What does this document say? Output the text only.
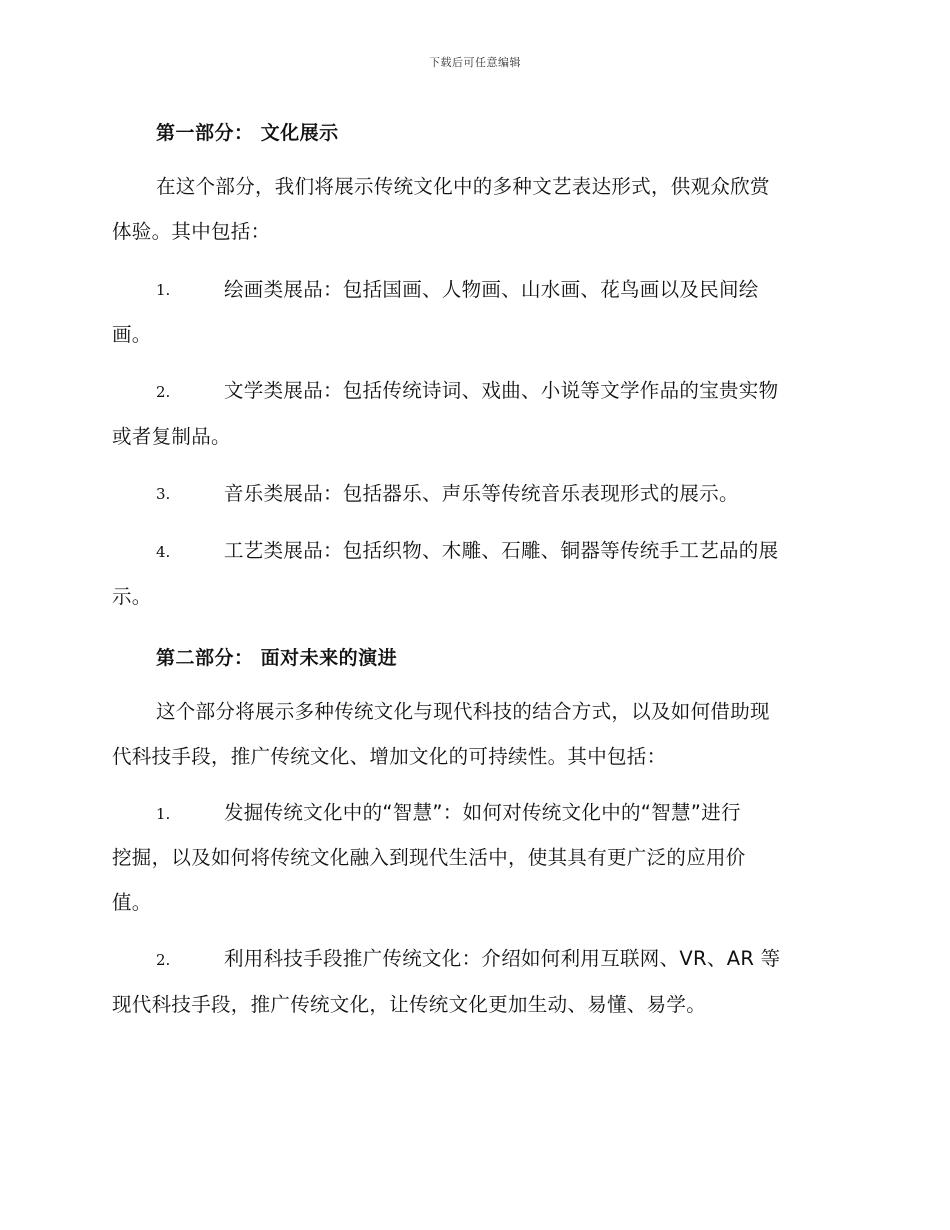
下载后可任意编辑
第一部分： 文化展示
在这个部分，我们将展示传统文化中的多种文艺表达形式，供观众欣赏
体验。其中包括：
1.	绘画类展品：包括国画、人物画、山水画、花鸟画以及民间绘
画。
2.	文学类展品：包括传统诗词、戏曲、小说等文学作品的宝贵实物
或者复制品。
3.	音乐类展品：包括器乐、声乐等传统音乐表现形式的展示。
4.	工艺类展品：包括织物、木雕、石雕、铜器等传统手工艺品的展
示。
第二部分： 面对未来的演进
这个部分将展示多种传统文化与现代科技的结合方式，以及如何借助现
代科技手段，推广传统文化、增加文化的可持续性。其中包括：
1.	发掘传统文化中的“智慧”：如何对传统文化中的“智慧”进行
挖掘，以及如何将传统文化融入到现代生活中，使其具有更广泛的应用价
值。
2.	利用科技手段推广传统文化：介绍如何利用互联网、VR、AR 等
现代科技手段，推广传统文化，让传统文化更加生动、易懂、易学。
